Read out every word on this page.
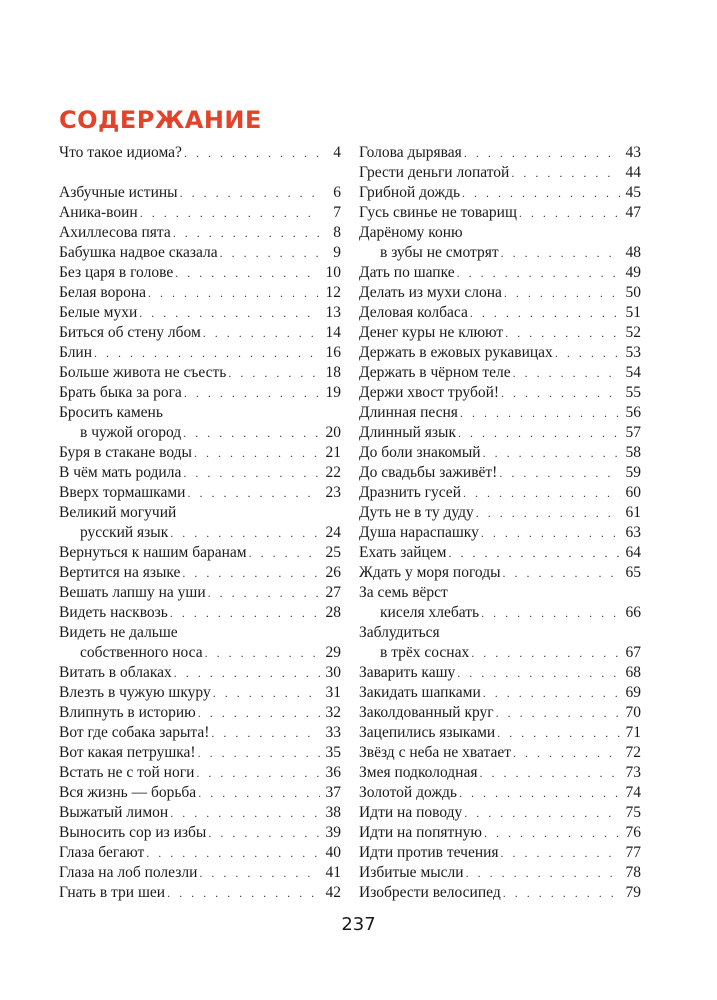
СОДЕРЖАНИЕ
Что такое идиома? . . .	4
Азбучные истины . . .	6
Аника-воин . . .	7
Ахиллесова пята . . .	8
Бабушка надвое сказала . . .	9
Без царя в голове . . .	10
Белая ворона . . .	12
Белые мухи . . .	13
Биться об стену лбом . . .	14
Блин . . .	16
Больше живота не съесть . . .	18
Брать быка за рога . . .	19
Бросить камень
в чужой огород . . .	20
Буря в стакане воды . . .	21
В чём мать родила . . .	22
Вверх тормашками . . .	23
Великий могучий
русский язык . . .	24
Вернуться к нашим баранам . . .	25
Вертится на языке . . .	26
Вешать лапшу на уши . . .	27
Видеть насквозь . . .	28
Видеть не дальше
собственного носа . . .	29
Витать в облаках . . .	30
Влезть в чужую шкуру . . .	31
Влипнуть в историю . . .	32
Вот где собака зарыта! . . .	33
Вот какая петрушка! . . .	35
Встать не с той ноги . . .	36
Вся жизнь — борьба . . .	37
Выжатый лимон . . .	38
Выносить сор из избы . . .	39
Глаза бегают . . .	40
Глаза на лоб полезли . . .	41
Гнать в три шеи . . .	42
Голова дырявая . . .	43
Грести деньги лопатой . . .	44
Грибной дождь . . .	45
Гусь свинье не товарищ . . .	47
Дарёному коню
в зубы не смотрят . . .	48
Дать по шапке . . .	49
Делать из мухи слона . . .	50
Деловая колбаса . . .	51
Денег куры не клюют . . .	52
Держать в ежовых рукавицах . . .	53
Держать в чёрном теле . . .	54
Держи хвост трубой! . . .	55
Длинная песня . . .	56
Длинный язык . . .	57
До боли знакомый . . .	58
До свадьбы заживёт! . . .	59
Дразнить гусей . . .	60
Дуть не в ту дуду . . .	61
Душа нараспашку . . .	63
Ехать зайцем . . .	64
Ждать у моря погоды . . .	65
За семь вёрст
киселя хлебать . . .	66
Заблудиться
в трёх соснах . . .	67
Заварить кашу . . .	68
Закидать шапками . . .	69
Заколдованный круг . . .	70
Зацепились языками . . .	71
Звёзд с неба не хватает . . .	72
Змея подколодная . . .	73
Золотой дождь . . .	74
Идти на поводу . . .	75
Идти на попятную . . .	76
Идти против течения . . .	77
Избитые мысли . . .	78
Изобрести велосипед . . .	79
237
